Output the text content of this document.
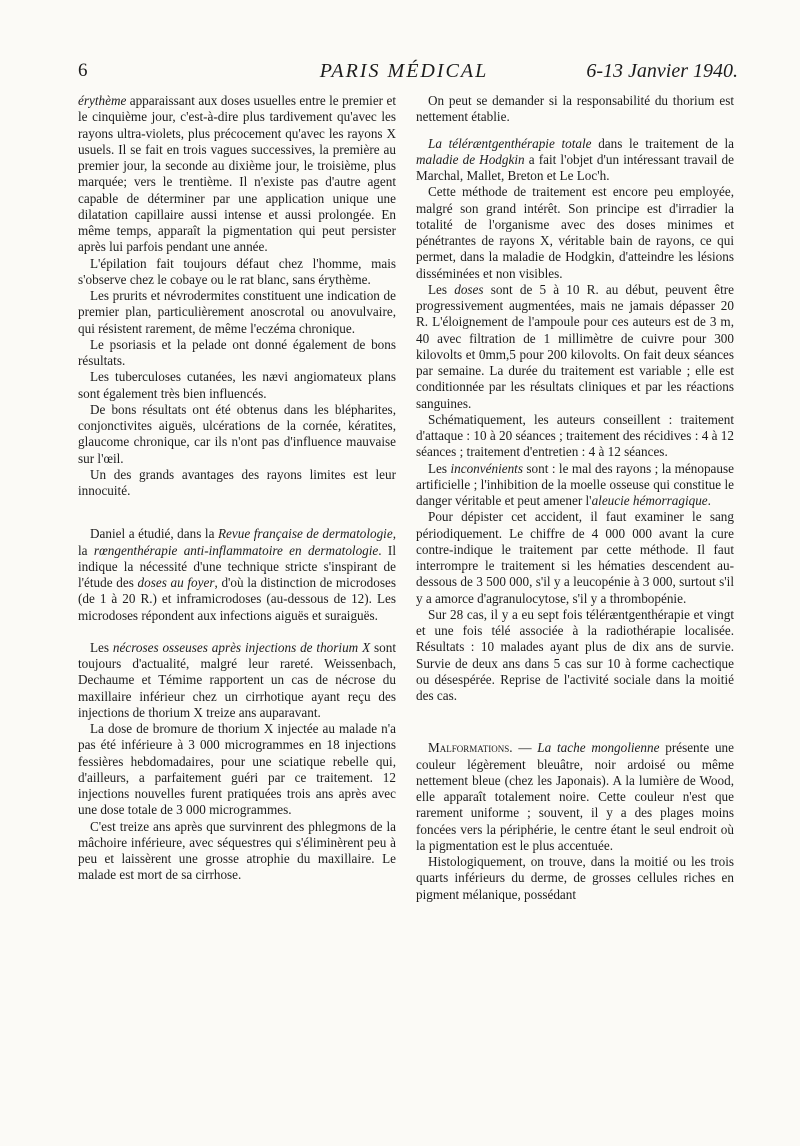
6	PARIS MÉDICAL	6-13 Janvier 1940.

érythème apparaissant aux doses usuelles entre le premier et le cinquième jour, c'est-à-dire plus tardivement qu'avec les rayons ultra-violets, plus précocement qu'avec les rayons X usuels. Il se fait en trois vagues successives, la première au premier jour, la seconde au dixième jour, le troisième, plus marquée; vers le trentième. Il n'existe pas d'autre agent capable de déterminer par une application unique une dilatation capillaire aussi intense et aussi prolongée. En même temps, apparaît la pigmentation qui peut persister après lui parfois pendant une année.

L'épilation fait toujours défaut chez l'homme, mais s'observe chez le cobaye ou le rat blanc, sans érythème.

Les prurits et névrodermites constituent une indication de premier plan, particulièrement anoscrotal ou anovulvaire, qui résistent rarement, de même l'eczéma chronique.

Le psoriasis et la pelade ont donné également de bons résultats.

Les tuberculoses cutanées, les nævi angiomateux plans sont également très bien influencés.

De bons résultats ont été obtenus dans les blépharites, conjonctivites aiguës, ulcérations de la cornée, kératites, glaucome chronique, car ils n'ont pas d'influence mauvaise sur l'œil.

Un des grands avantages des rayons limites est leur innocuité.

Daniel a étudié, dans la Revue française de dermatologie, la rœngenthérapie anti-inflammatoire en dermatologie. Il indique la nécessité d'une technique stricte s'inspirant de l'étude des doses au foyer, d'où la distinction de microdoses (de 1 à 20 R.) et inframicrodoses (au-dessous de 12). Les microdoses répondent aux infections aiguës et suraiguës.

Les nécroses osseuses après injections de thorium X sont toujours d'actualité, malgré leur rareté. Weissenbach, Dechaume et Témime rapportent un cas de nécrose du maxillaire inférieur chez un cirrhotique ayant reçu des injections de thorium X treize ans auparavant.

La dose de bromure de thorium X injectée au malade n'a pas été inférieure à 3 000 microgrammes en 18 injections fessières hebdomadaires, pour une sciatique rebelle qui, d'ailleurs, a parfaitement guéri par ce traitement. 12 injections nouvelles furent pratiquées trois ans après avec une dose totale de 3 000 microgrammes.

C'est treize ans après que survinrent des phlegmons de la mâchoire inférieure, avec séquestres qui s'éliminèrent peu à peu et laissèrent une grosse atrophie du maxillaire. Le malade est mort de sa cirrhose.

On peut se demander si la responsabilité du thorium est nettement établie.

La téléræntgenthérapie totale dans le traitement de la maladie de Hodgkin a fait l'objet d'un intéressant travail de Marchal, Mallet, Breton et Le Loc'h.

Cette méthode de traitement est encore peu employée, malgré son grand intérêt. Son principe est d'irradier la totalité de l'organisme avec des doses minimes et pénétrantes de rayons X, véritable bain de rayons, ce qui permet, dans la maladie de Hodgkin, d'atteindre les lésions disséminées et non visibles.

Les doses sont de 5 à 10 R. au début, peuvent être progressivement augmentées, mais ne jamais dépasser 20 R. L'éloignement de l'ampoule pour ces auteurs est de 3 m, 40 avec filtration de 1 millimètre de cuivre pour 300 kilovolts et 0mm,5 pour 200 kilovolts. On fait deux séances par semaine. La durée du traitement est variable ; elle est conditionnée par les résultats cliniques et par les réactions sanguines.

Schématiquement, les auteurs conseillent : traitement d'attaque : 10 à 20 séances ; traitement des récidives : 4 à 12 séances ; traitement d'entretien : 4 à 12 séances.

Les inconvénients sont : le mal des rayons ; la ménopause artificielle ; l'inhibition de la moelle osseuse qui constitue le danger véritable et peut amener l'aleucie hémorragique.

Pour dépister cet accident, il faut examiner le sang périodiquement. Le chiffre de 4 000 000 avant la cure contre-indique le traitement par cette méthode. Il faut interrompre le traitement si les hématies descendent au-dessous de 3 500 000, s'il y a leucopénie à 3 000, surtout s'il y a amorce d'agranulocytose, s'il y a thrombopénie.

Sur 28 cas, il y a eu sept fois téléræntgenthérapie et vingt et une fois télé associée à la radiothérapie localisée. Résultats : 10 malades ayant plus de dix ans de survie. Survie de deux ans dans 5 cas sur 10 à forme cachectique ou désespérée. Reprise de l'activité sociale dans la moitié des cas.

Malformations. — La tache mongolienne présente une couleur légèrement bleuâtre, noir ardoisé ou même nettement bleue (chez les Japonais). A la lumière de Wood, elle apparaît totalement noire. Cette couleur n'est que rarement uniforme ; souvent, il y a des plages moins foncées vers la périphérie, le centre étant le seul endroit où la pigmentation est le plus accentuée.

Histologiquement, on trouve, dans la moitié ou les trois quarts inférieurs du derme, de grosses cellules riches en pigment mélanique, possédant
